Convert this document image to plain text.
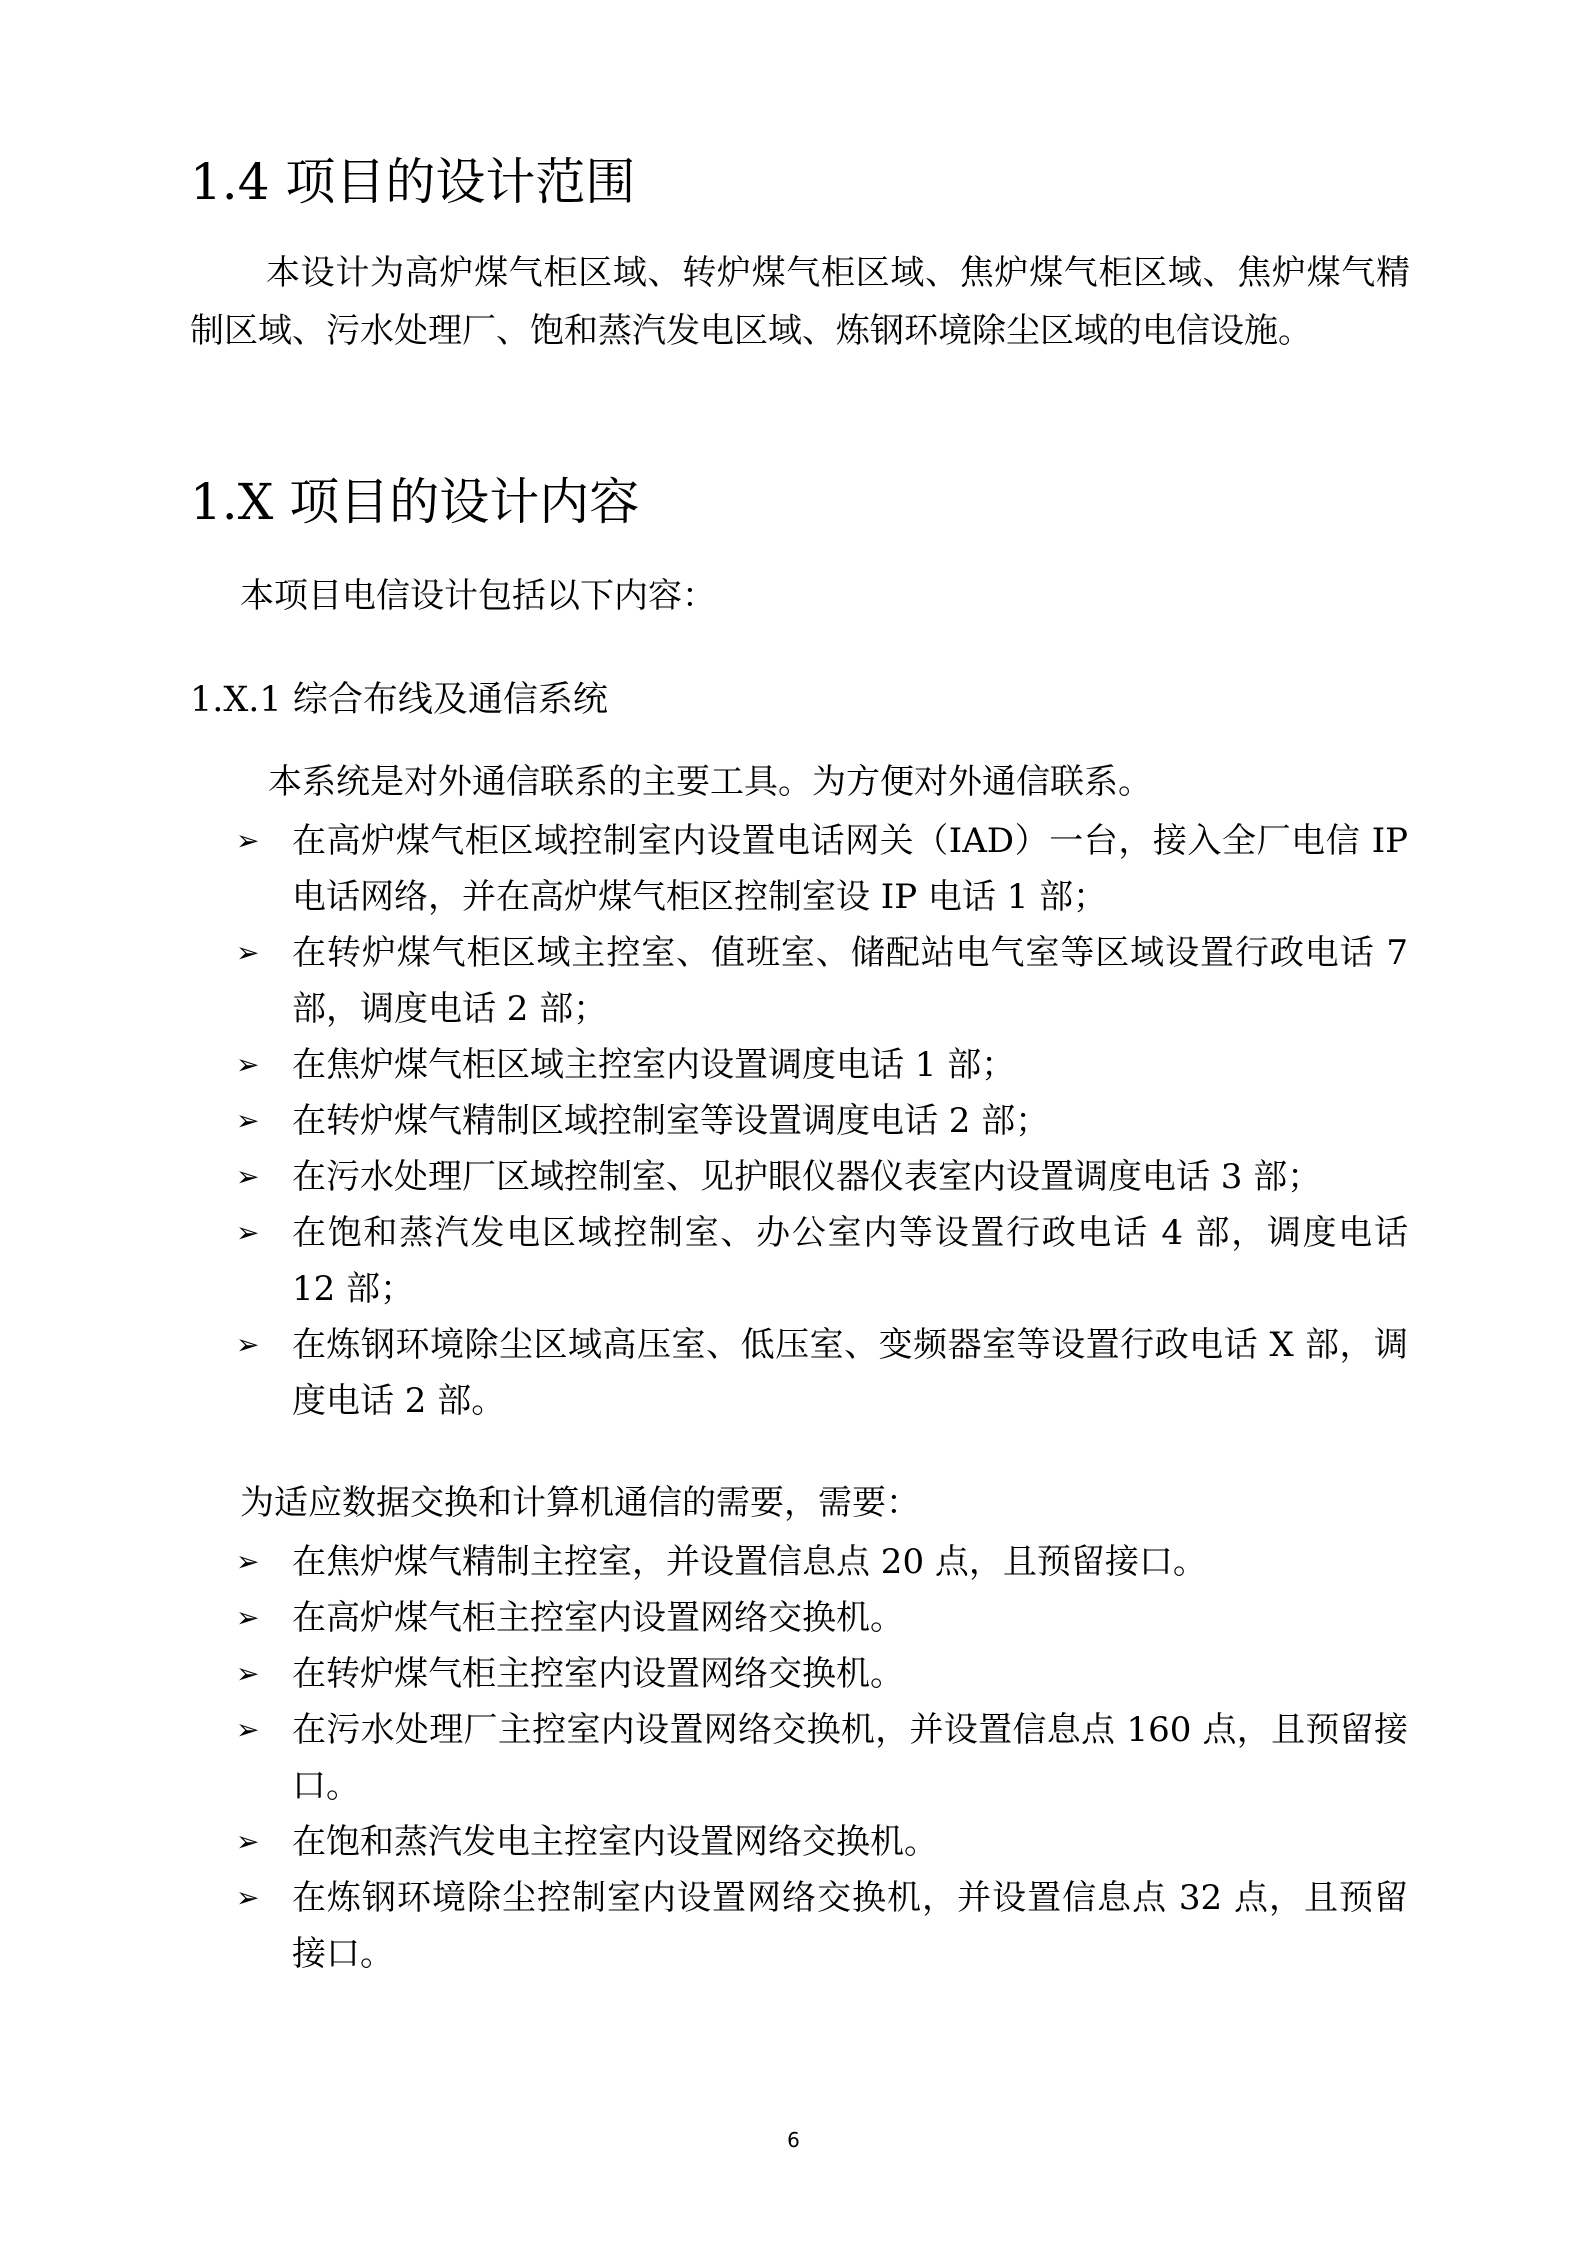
1.4 项目的设计范围
本设计为高炉煤气柜区域、转炉煤气柜区域、焦炉煤气柜区域、焦炉煤气精制区域、污水处理厂、饱和蒸汽发电区域、炼钢环境除尘区域的电信设施。
1.X 项目的设计内容
本项目电信设计包括以下内容：
1.X.1 综合布线及通信系统
本系统是对外通信联系的主要工具。为方便对外通信联系。
➢ 在高炉煤气柜区域控制室内设置电话网关（IAD）一台，接入全厂电信 IP 电话网络，并在高炉煤气柜区控制室设 IP 电话 1 部；
➢ 在转炉煤气柜区域主控室、值班室、储配站电气室等区域设置行政电话 7 部，调度电话 2 部；
➢ 在焦炉煤气柜区域主控室内设置调度电话 1 部；
➢ 在转炉煤气精制区域控制室等设置调度电话 2 部；
➢ 在污水处理厂区域控制室、见护眼仪器仪表室内设置调度电话 3 部；
➢ 在饱和蒸汽发电区域控制室、办公室内等设置行政电话 4 部，调度电话 12 部；
➢ 在炼钢环境除尘区域高压室、低压室、变频器室等设置行政电话 X 部，调度电话 2 部。
为适应数据交换和计算机通信的需要，需要：
➢ 在焦炉煤气精制主控室，并设置信息点 20 点，且预留接口。
➢ 在高炉煤气柜主控室内设置网络交换机。
➢ 在转炉煤气柜主控室内设置网络交换机。
➢ 在污水处理厂主控室内设置网络交换机，并设置信息点 160 点，且预留接口。
➢ 在饱和蒸汽发电主控室内设置网络交换机。
➢ 在炼钢环境除尘控制室内设置网络交换机，并设置信息点 32 点，且预留接口。
6
